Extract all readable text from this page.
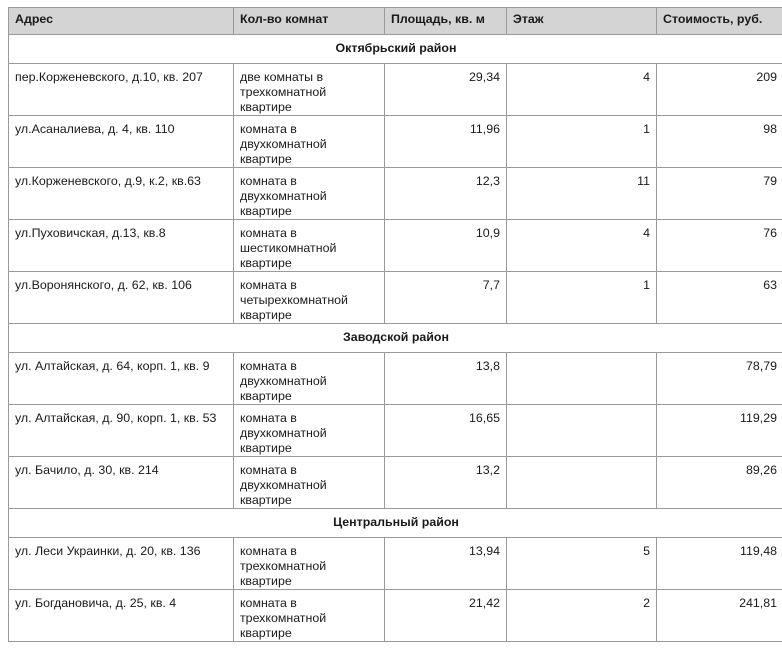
Адрес	Кол-во комнат	Площадь, кв. м	Этаж	Стоимость, руб.
Октябрьский район				
пер.Корженевского, д.10, кв. 207	две комнаты в трехкомнатной квартире	29,34	4	209
ул.Асаналиева, д. 4, кв. 110	комната в двухкомнатной квартире	11,96	1	98
ул.Корженевского, д.9, к.2, кв.63	комната в двухкомнатной квартире	12,3	11	79
ул.Пуховичская, д.13, кв.8	комната в шестикомнатной квартире	10,9	4	76
ул.Воронянского, д. 62, кв. 106	комната в четырехкомнатной квартире	7,7	1	63
Заводской район				
ул. Алтайская, д. 64, корп. 1, кв. 9	комната в двухкомнатной квартире	13,8		78,79
ул. Алтайская, д. 90, корп. 1, кв. 53	комната в двухкомнатной квартире	16,65		119,29
ул. Бачило, д. 30, кв. 214	комната в двухкомнатной квартире	13,2		89,26
Центральный район				
ул. Леси Украинки, д. 20, кв. 136	комната в трехкомнатной квартире	13,94	5	119,48
ул. Богдановича, д. 25, кв. 4	комната в трехкомнатной квартире	21,42	2	241,81
